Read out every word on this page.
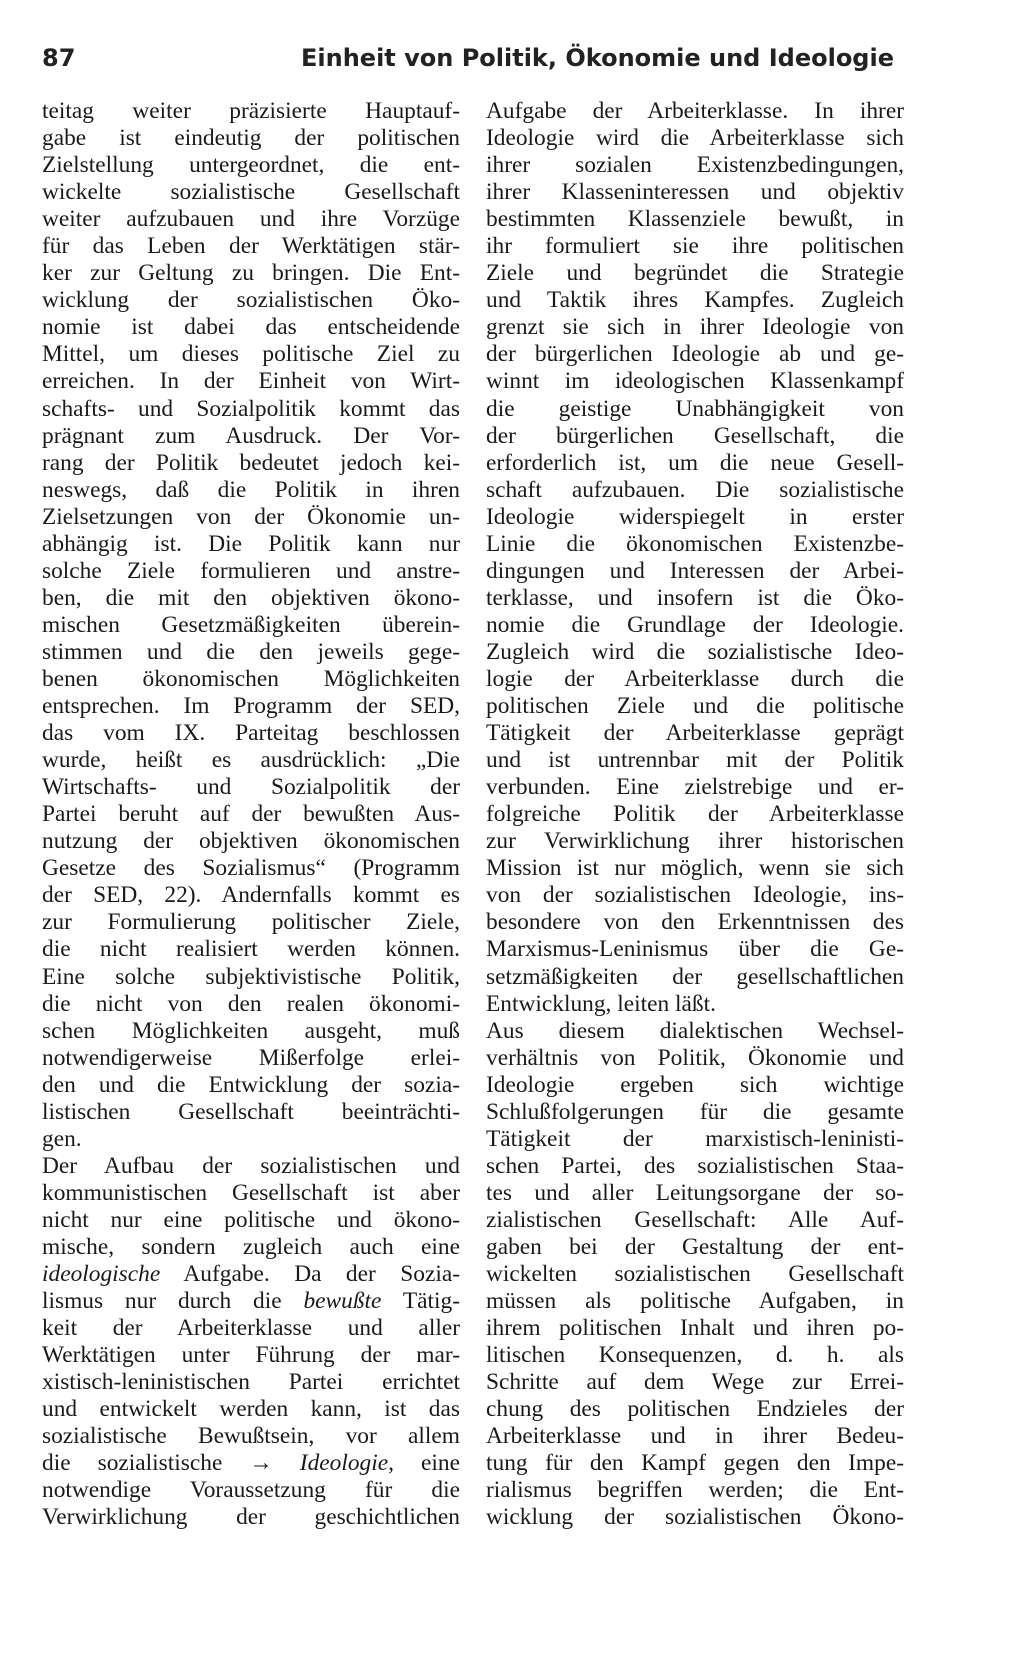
87	Einheit von Politik, Ökonomie und Ideologie
teitag weiter präzisierte Hauptauf-
gabe ist eindeutig der politischen
Zielstellung untergeordnet, die ent-
wickelte sozialistische Gesellschaft
weiter aufzubauen und ihre Vorzüge
für das Leben der Werktätigen stär-
ker zur Geltung zu bringen. Die Ent-
wicklung der sozialistischen Öko-
nomie ist dabei das entscheidende
Mittel, um dieses politische Ziel zu
erreichen. In der Einheit von Wirt-
schafts- und Sozialpolitik kommt das
prägnant zum Ausdruck. Der Vor-
rang der Politik bedeutet jedoch kei-
neswegs, daß die Politik in ihren
Zielsetzungen von der Ökonomie un-
abhängig ist. Die Politik kann nur
solche Ziele formulieren und anstre-
ben, die mit den objektiven ökono-
mischen Gesetzmäßigkeiten überein-
stimmen und die den jeweils gege-
benen ökonomischen Möglichkeiten
entsprechen. Im Programm der SED,
das vom IX. Parteitag beschlossen
wurde, heißt es ausdrücklich: „Die
Wirtschafts- und Sozialpolitik der
Partei beruht auf der bewußten Aus-
nutzung der objektiven ökonomischen
Gesetze des Sozialismus“ (Programm
der SED, 22). Andernfalls kommt es
zur Formulierung politischer Ziele,
die nicht realisiert werden können.
Eine solche subjektivistische Politik,
die nicht von den realen ökonomi-
schen Möglichkeiten ausgeht, muß
notwendigerweise Mißerfolge erlei-
den und die Entwicklung der sozia-
listischen Gesellschaft beeinträchti-
gen.
Der Aufbau der sozialistischen und
kommunistischen Gesellschaft ist aber
nicht nur eine politische und ökono-
mische, sondern zugleich auch eine
ideologische Aufgabe. Da der Sozia-
lismus nur durch die bewußte Tätig-
keit der Arbeiterklasse und aller
Werktätigen unter Führung der mar-
xistisch-leninistischen Partei errichtet
und entwickelt werden kann, ist das
sozialistische Bewußtsein, vor allem
die sozialistische → Ideologie, eine
notwendige Voraussetzung für die
Verwirklichung der geschichtlichen
Aufgabe der Arbeiterklasse. In ihrer
Ideologie wird die Arbeiterklasse sich
ihrer sozialen Existenzbedingungen,
ihrer Klasseninteressen und objektiv
bestimmten Klassenziele bewußt, in
ihr formuliert sie ihre politischen
Ziele und begründet die Strategie
und Taktik ihres Kampfes. Zugleich
grenzt sie sich in ihrer Ideologie von
der bürgerlichen Ideologie ab und ge-
winnt im ideologischen Klassenkampf
die geistige Unabhängigkeit von
der bürgerlichen Gesellschaft, die
erforderlich ist, um die neue Gesell-
schaft aufzubauen. Die sozialistische
Ideologie widerspiegelt in erster
Linie die ökonomischen Existenzbe-
dingungen und Interessen der Arbei-
terklasse, und insofern ist die Öko-
nomie die Grundlage der Ideologie.
Zugleich wird die sozialistische Ideo-
logie der Arbeiterklasse durch die
politischen Ziele und die politische
Tätigkeit der Arbeiterklasse geprägt
und ist untrennbar mit der Politik
verbunden. Eine zielstrebige und er-
folgreiche Politik der Arbeiterklasse
zur Verwirklichung ihrer historischen
Mission ist nur möglich, wenn sie sich
von der sozialistischen Ideologie, ins-
besondere von den Erkenntnissen des
Marxismus-Leninismus über die Ge-
setzmäßigkeiten der gesellschaftlichen
Entwicklung, leiten läßt.
Aus diesem dialektischen Wechsel-
verhältnis von Politik, Ökonomie und
Ideologie ergeben sich wichtige
Schlußfolgerungen für die gesamte
Tätigkeit der marxistisch-leninisti-
schen Partei, des sozialistischen Staa-
tes und aller Leitungsorgane der so-
zialistischen Gesellschaft: Alle Auf-
gaben bei der Gestaltung der ent-
wickelten sozialistischen Gesellschaft
müssen als politische Aufgaben, in
ihrem politischen Inhalt und ihren po-
litischen Konsequenzen, d. h. als
Schritte auf dem Wege zur Errei-
chung des politischen Endzieles der
Arbeiterklasse und in ihrer Bedeu-
tung für den Kampf gegen den Impe-
rialismus begriffen werden; die Ent-
wicklung der sozialistischen Ökono-
